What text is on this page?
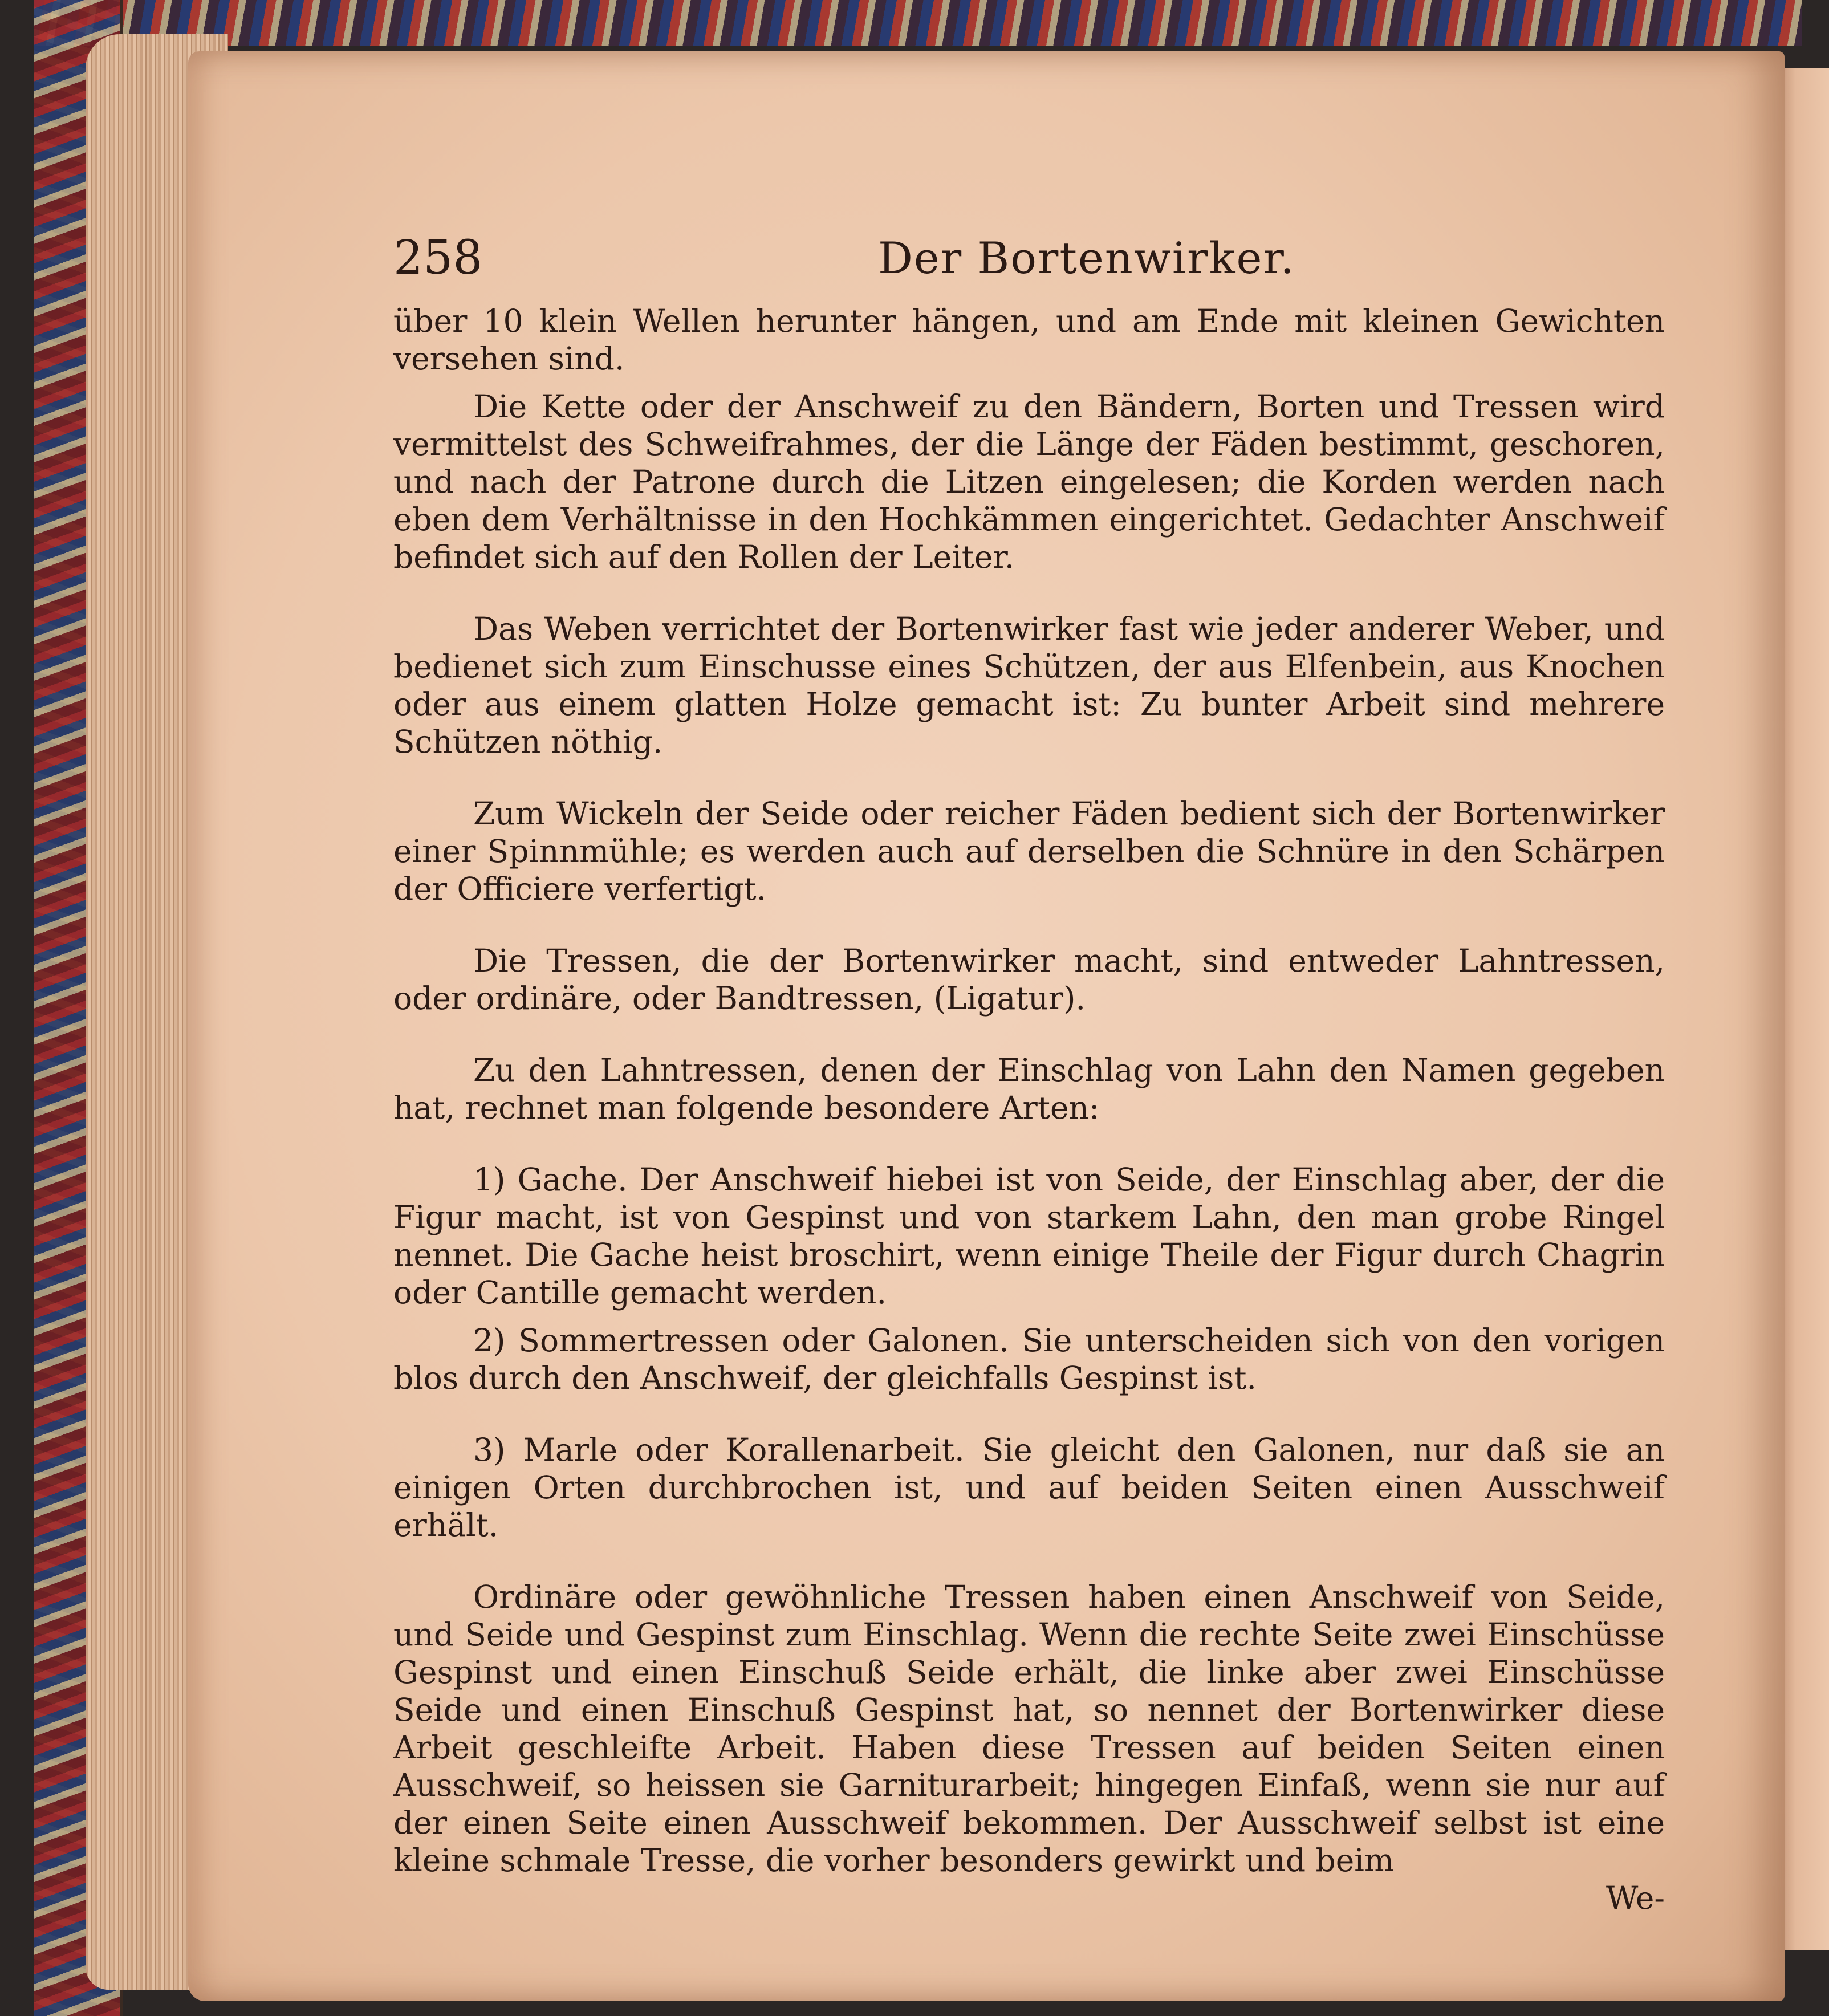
258	Der Bortenwirker.

über 10 klein Wellen herunter hängen, und am Ende mit kleinen Gewichten versehen sind.

Die Kette oder der Anschweif zu den Bändern, Borten und Tressen wird vermittelst des Schweifrahmes, der die Länge der Fäden bestimmt, geschoren, und nach der Patrone durch die Litzen eingelesen; die Korden werden nach eben dem Verhältnisse in den Hochkämmen eingerichtet. Gedachter Anschweif befindet sich auf den Rollen der Leiter.

Das Weben verrichtet der Bortenwirker fast wie jeder anderer Weber, und bedienet sich zum Einschusse eines Schützen, der aus Elfenbein, aus Knochen oder aus einem glatten Holze gemacht ist: Zu bunter Arbeit sind mehrere Schützen nöthig.

Zum Wickeln der Seide oder reicher Fäden bedient sich der Bortenwirker einer Spinnmühle; es werden auch auf derselben die Schnüre in den Schärpen der Officiere verfertigt.

Die Tressen, die der Bortenwirker macht, sind entweder Lahntressen, oder ordinäre, oder Bandtressen, (Ligatur).

Zu den Lahntressen, denen der Einschlag von Lahn den Namen gegeben hat, rechnet man folgende besondere Arten:

1) Gache. Der Anschweif hiebei ist von Seide, der Einschlag aber, der die Figur macht, ist von Gespinst und von starkem Lahn, den man grobe Ringel nennet. Die Gache heist broschirt, wenn einige Theile der Figur durch Chagrin oder Cantille gemacht werden.

2) Sommertressen oder Galonen. Sie unterscheiden sich von den vorigen blos durch den Anschweif, der gleichfalls Gespinst ist.

3) Marle oder Korallenarbeit. Sie gleicht den Galonen, nur daß sie an einigen Orten durchbrochen ist, und auf beiden Seiten einen Ausschweif erhält.

Ordinäre oder gewöhnliche Tressen haben einen Anschweif von Seide, und Seide und Gespinst zum Einschlag. Wenn die rechte Seite zwei Einschüsse Gespinst und einen Einschuß Seide erhält, die linke aber zwei Einschüsse Seide und einen Einschuß Gespinst hat, so nennet der Bortenwirker diese Arbeit geschleifte Arbeit. Haben diese Tressen auf beiden Seiten einen Ausschweif, so heissen sie Garniturarbeit; hingegen Einfaß, wenn sie nur auf der einen Seite einen Ausschweif bekommen. Der Ausschweif selbst ist eine kleine schmale Tresse, die vorher besonders gewirkt und beim

We-
